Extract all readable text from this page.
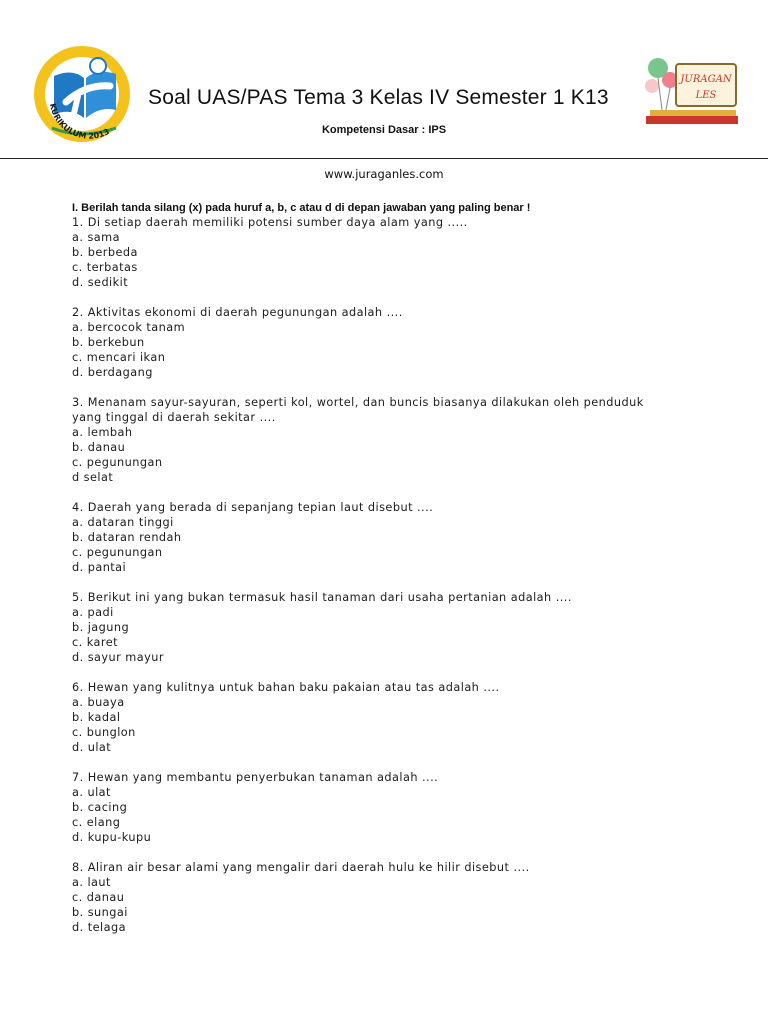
KURIKULUM 2013
Soal UAS/PAS Tema 3 Kelas IV Semester 1 K13
JURAGAN
LES
Kompetensi Dasar : IPS
www.juraganles.com

I. Berilah tanda silang (x) pada huruf a, b, c atau d di depan jawaban yang paling benar !

1. Di setiap daerah memiliki potensi sumber daya alam yang .....

a. sama

b. berbeda

c. terbatas

d. sedikit

2. Aktivitas ekonomi di daerah pegunungan adalah ....

a. bercocok tanam

b. berkebun

c. mencari ikan

d. berdagang

3. Menanam sayur-sayuran, seperti kol, wortel, dan buncis biasanya dilakukan oleh penduduk

yang tinggal di daerah sekitar ....

a. lembah

b. danau

c. pegunungan

d selat

4. Daerah yang berada di sepanjang tepian laut disebut ....

a. dataran tinggi

b. dataran rendah

c. pegunungan

d. pantai

5. Berikut ini yang bukan termasuk hasil tanaman dari usaha pertanian adalah ....

a. padi

b. jagung

c. karet

d. sayur mayur

6. Hewan yang kulitnya untuk bahan baku pakaian atau tas adalah ....

a. buaya

b. kadal

c. bunglon

d. ulat

7. Hewan yang membantu penyerbukan tanaman adalah ....

a. ulat

b. cacing

c. elang

d. kupu-kupu

8. Aliran air besar alami yang mengalir dari daerah hulu ke hilir disebut ....

a. laut

c. danau

b. sungai

d. telaga
